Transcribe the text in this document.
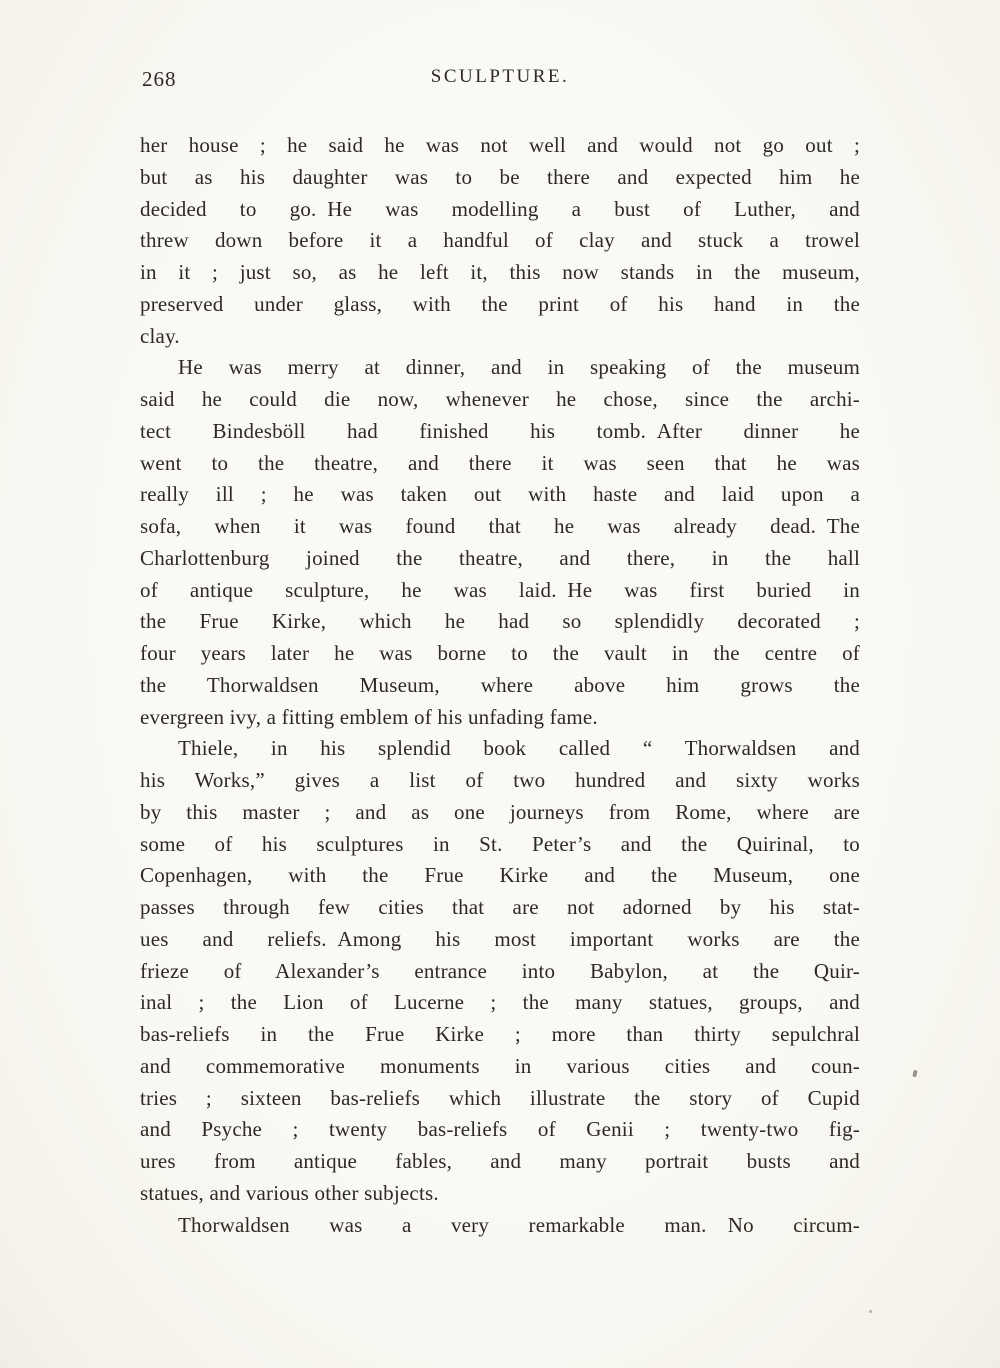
268	SCULPTURE.
her house ; he said he was not well and would not go out ;
but as his daughter was to be there and expected him he
decided to go. He was modelling a bust of Luther, and
threw down before it a handful of clay and stuck a trowel
in it ; just so, as he left it, this now stands in the museum,
preserved under glass, with the print of his hand in the
clay.
He was merry at dinner, and in speaking of the museum
said he could die now, whenever he chose, since the archi-
tect Bindesböll had finished his tomb. After dinner he
went to the theatre, and there it was seen that he was
really ill ; he was taken out with haste and laid upon a
sofa, when it was found that he was already dead. The
Charlottenburg joined the theatre, and there, in the hall
of antique sculpture, he was laid. He was first buried in
the Frue Kirke, which he had so splendidly decorated ;
four years later he was borne to the vault in the centre of
the Thorwaldsen Museum, where above him grows the
evergreen ivy, a fitting emblem of his unfading fame.
Thiele, in his splendid book called “ Thorwaldsen and
his Works,” gives a list of two hundred and sixty works
by this master ; and as one journeys from Rome, where are
some of his sculptures in St. Peter’s and the Quirinal, to
Copenhagen, with the Frue Kirke and the Museum, one
passes through few cities that are not adorned by his stat-
ues and reliefs. Among his most important works are the
frieze of Alexander’s entrance into Babylon, at the Quir-
inal ; the Lion of Lucerne ; the many statues, groups, and
bas-reliefs in the Frue Kirke ; more than thirty sepulchral
and commemorative monuments in various cities and coun-
tries ; sixteen bas-reliefs which illustrate the story of Cupid
and Psyche ; twenty bas-reliefs of Genii ; twenty-two fig-
ures from antique fables, and many portrait busts and
statues, and various other subjects.
Thorwaldsen was a very remarkable man. No circum-
